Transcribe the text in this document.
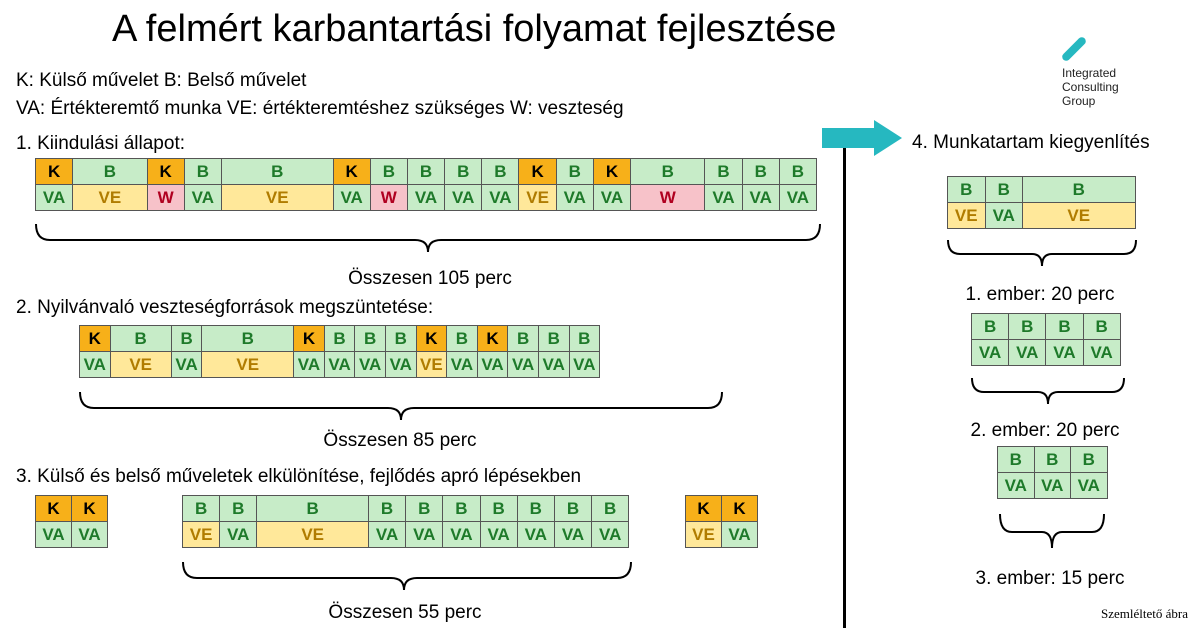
A felmért karbantartási folyamat fejlesztése
K: Külső művelet B: Belső művelet
VA: Értékteremtő munka VE: értékteremtéshez szükséges W: veszteség
Integrated
Consulting
Group
1. Kiindulási állapot:
K	B	K	B	B	K	B	B	B	B	K	B	K	B	B	B	B
VA	VE	W	VA	VE	VA	W	VA VA VA VE VA VA	W	VA VA VA
Összesen 105 perc
2. Nyilvánvaló veszteségforrások megszüntetése:
K	B	B	B	K	B	B	B	K	B	K	B	B	B
VA	VE	VA	VE	VA VA VA VA VE VA VA VA VA VA
Összesen 85 perc
3. Külső és belső műveletek elkülönítése, fejlődés apró lépésekben
K	K
VA VA
B	B	B	B	B	B	B	B	B	B
VE VA	VE	VA VA VA VA VA VA VA
K	K
VE VA
Összesen 55 perc
4. Munkatartam kiegyenlítés
B	B	B
VE VA	VE
1. ember: 20 perc
B	B	B	B
VA VA VA VA
2. ember: 20 perc
B	B	B
VA VA VA
3. ember: 15 perc
Szemléltető ábra
